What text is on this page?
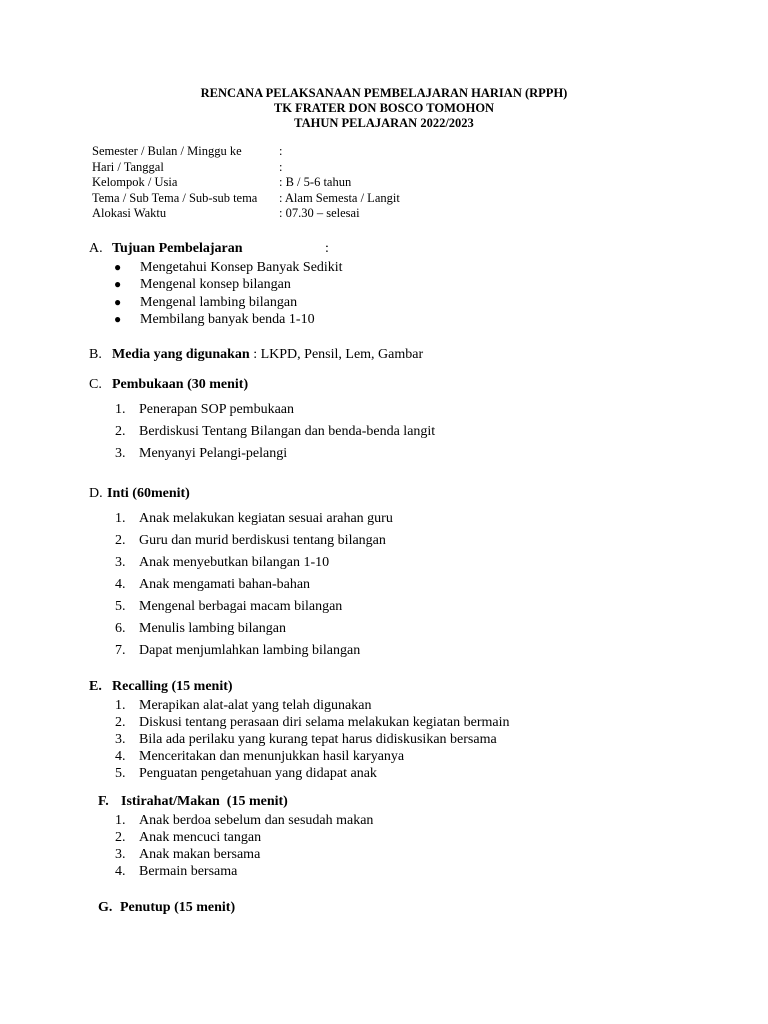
RENCANA PELAKSANAAN PEMBELAJARAN HARIAN (RPPH)
TK FRATER DON BOSCO TOMOHON
TAHUN PELAJARAN 2022/2023
Semester / Bulan / Minggu ke	:
Hari / Tanggal	:
Kelompok / Usia	: B / 5-6 tahun
Tema / Sub Tema / Sub-sub tema	: Alam Semesta / Langit
Alokasi Waktu	: 07.30 – selesai
A. Tujuan Pembelajaran	:
●	Mengetahui Konsep Banyak Sedikit
●	Mengenal konsep bilangan
●	Mengenal lambing bilangan
●	Membilang banyak benda 1-10
B. Media yang digunakan : LKPD, Pensil, Lem, Gambar
C. Pembukaan (30 menit)
1. Penerapan SOP pembukaan
2. Berdiskusi Tentang Bilangan dan benda-benda langit
3. Menyanyi Pelangi-pelangi
D. Inti (60menit)
1. Anak melakukan kegiatan sesuai arahan guru
2. Guru dan murid berdiskusi tentang bilangan
3. Anak menyebutkan bilangan 1-10
4. Anak mengamati bahan-bahan
5. Mengenal berbagai macam bilangan
6. Menulis lambing bilangan
7. Dapat menjumlahkan lambing bilangan
E. Recalling (15 menit)
1. Merapikan alat-alat yang telah digunakan
2. Diskusi tentang perasaan diri selama melakukan kegiatan bermain
3. Bila ada perilaku yang kurang tepat harus didiskusikan bersama
4. Menceritakan dan menunjukkan hasil karyanya
5. Penguatan pengetahuan yang didapat anak
F. Istirahat/Makan  (15 menit)
1. Anak berdoa sebelum dan sesudah makan
2. Anak mencuci tangan
3. Anak makan bersama
4. Bermain bersama
G. Penutup (15 menit)
